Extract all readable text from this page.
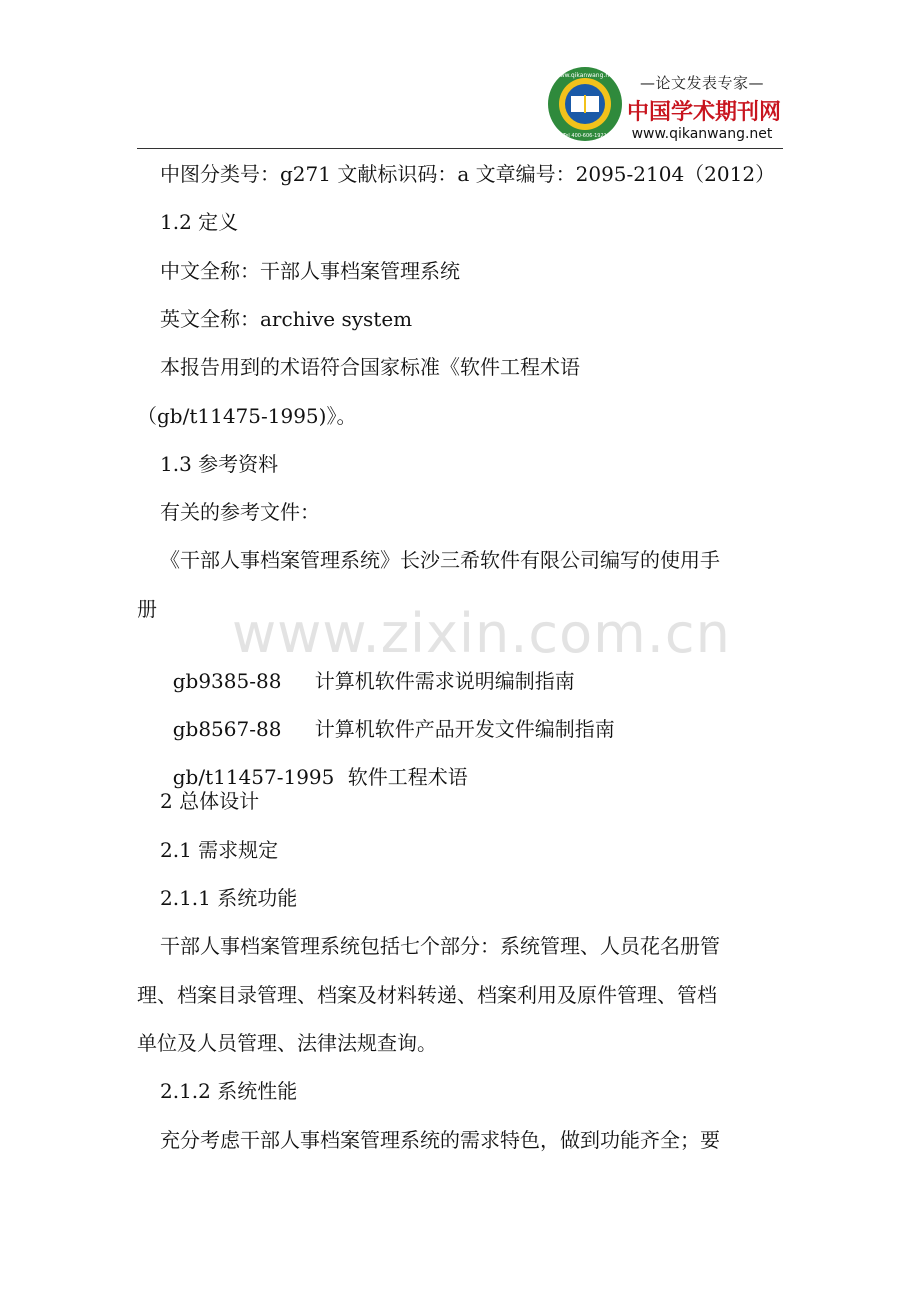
www.qikanwang.net
Tel 400-606-1921
—论文发表专家—
中国学术期刊网
www.qikanwang.net
www.zixin.com.cn
中图分类号：g271 文献标识码：a 文章编号：2095-2104（2012）
1.2 定义
中文全称：干部人事档案管理系统
英文全称：archive system
本报告用到的术语符合国家标准《软件工程术语
（gb/t11475-1995)》。
1.3 参考资料
有关的参考文件：
《干部人事档案管理系统》长沙三希软件有限公司编写的使用手
册

gb9385-88 计算机软件需求说明编制指南

gb8567-88 计算机软件产品开发文件编制指南

gb/t11457-1995 软件工程术语

2 总体设计
2.1 需求规定
2.1.1 系统功能
干部人事档案管理系统包括七个部分：系统管理、人员花名册管
理、档案目录管理、档案及材料转递、档案利用及原件管理、管档
单位及人员管理、法律法规查询。
2.1.2 系统性能
充分考虑干部人事档案管理系统的需求特色，做到功能齐全；要
